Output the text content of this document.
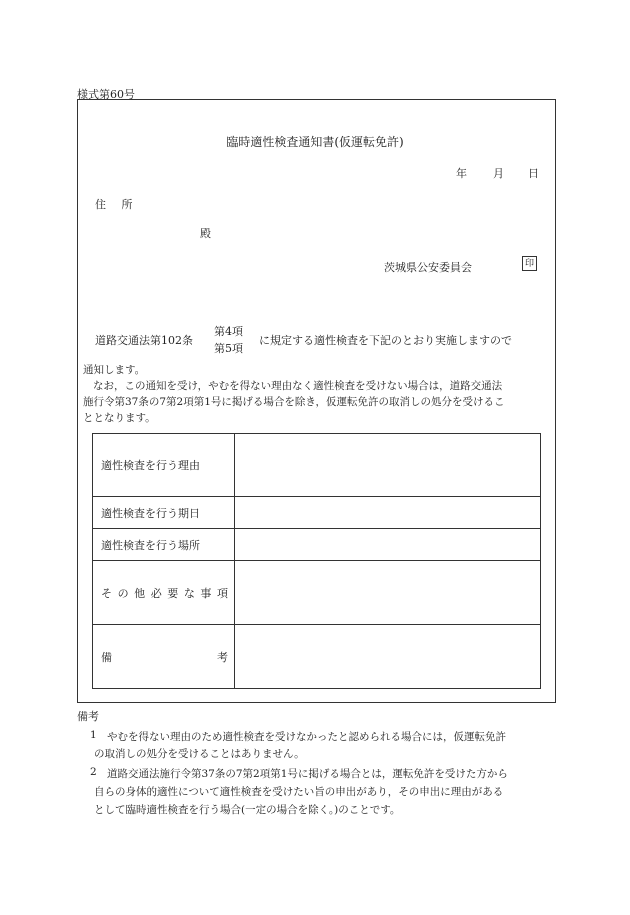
様式第60号
臨時適性検査通知書(仮運転免許)
年 月 日
住 所
殿
茨城県公安委員会	印
道路交通法第102条
第4項
第5項
に規定する適性検査を下記のとおり実施しますので
通知します。
なお，この通知を受け，やむを得ない理由なく適性検査を受けない場合は，道路交通法
施行令第37条の7第2項第1号に掲げる場合を除き，仮運転免許の取消しの処分を受けるこ
ととなります。
適性検査を行う理由	
適性検査を行う期日	
適性検査を行う場所	
その他必要な事項	
備考	
備考
1 やむを得ない理由のため適性検査を受けなかったと認められる場合には，仮運転免許
の取消しの処分を受けることはありません。
2 道路交通法施行令第37条の7第2項第1号に掲げる場合とは，運転免許を受けた方から
自らの身体的適性について適性検査を受けたい旨の申出があり，その申出に理由がある
として臨時適性検査を行う場合(一定の場合を除く。)のことです。
